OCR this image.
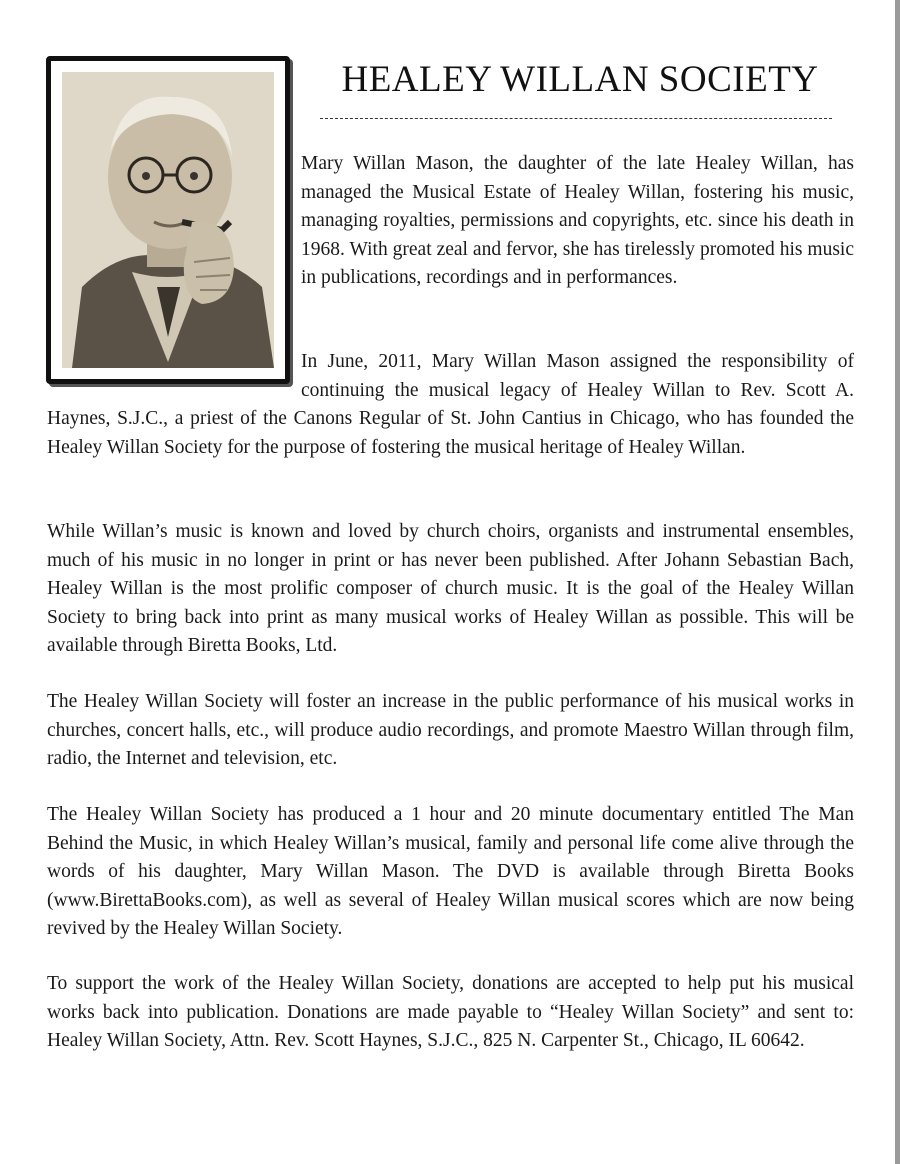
HEALEY WILLAN SOCIETY

Mary Willan Mason, the daughter of the late Healey Willan, has managed the Musical Estate of Healey Willan, fostering his music, managing royalties, permissions and copyrights, etc. since his death in 1968. With great zeal and fervor, she has tirelessly promoted his music in publications, recordings and in performances.

In June, 2011, Mary Willan Mason assigned the responsibility of continuing the musical legacy of Healey Willan to Rev. Scott A. Haynes, S.J.C., a priest of the Canons Regular of St. John Cantius in Chicago, who has founded the Healey Willan Society for the purpose of fostering the musical heritage of Healey Willan.

While Willan’s music is known and loved by church choirs, organists and instrumental ensembles, much of his music in no longer in print or has never been published. After Johann Sebastian Bach, Healey Willan is the most prolific composer of church music. It is the goal of the Healey Willan Society to bring back into print as many musical works of Healey Willan as possible. This will be available through Biretta Books, Ltd.

The Healey Willan Society will foster an increase in the public performance of his musical works in churches, concert halls, etc., will produce audio recordings, and promote Maestro Willan through film, radio, the Internet and television, etc.

The Healey Willan Society has produced a 1 hour and 20 minute documentary entitled The Man Behind the Music, in which Healey Willan’s musical, family and personal life come alive through the words of his daughter, Mary Willan Mason. The DVD is available through Biretta Books (www.BirettaBooks.com), as well as several of Healey Willan musical scores which are now being revived by the Healey Willan Society.

To support the work of the Healey Willan Society, donations are accepted to help put his musical works back into publication. Donations are made payable to “Healey Willan Society” and sent to: Healey Willan Society, Attn. Rev. Scott Haynes, S.J.C., 825 N. Carpenter St., Chicago, IL 60642.
